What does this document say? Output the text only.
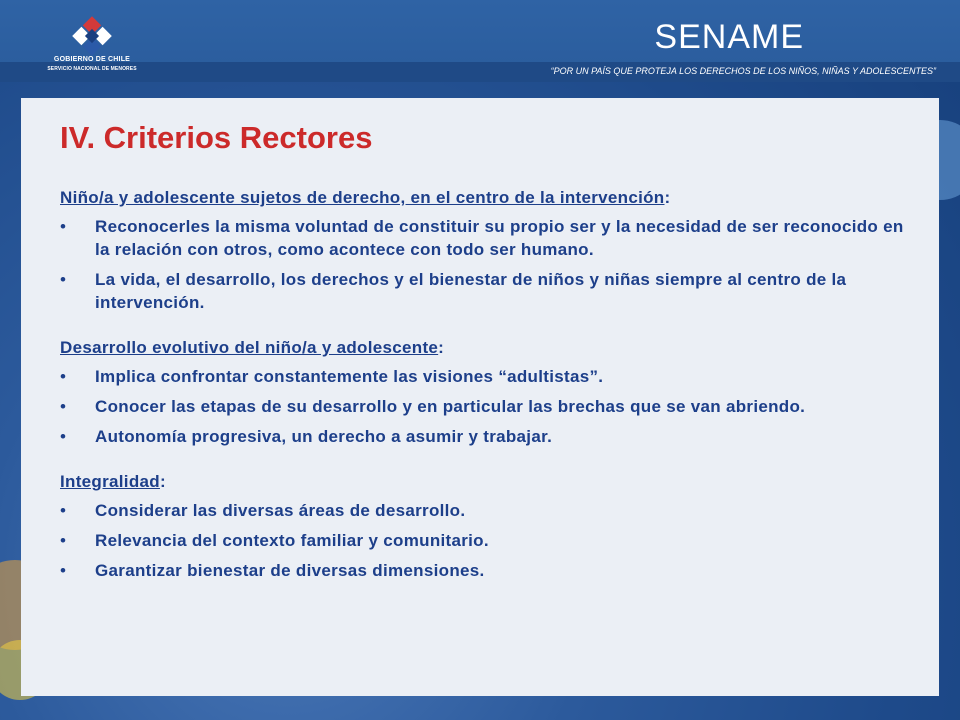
GOBIERNO DE CHILE
SERVICIO NACIONAL DE MENORES
SENAME
“POR UN PAÍS QUE PROTEJA LOS DERECHOS DE LOS NIÑOS, NIÑAS Y ADOLESCENTES”
IV. Criterios Rectores
Niño/a y adolescente sujetos de derecho, en el centro de la intervención:
• Reconocerles la misma voluntad de constituir su propio ser y la necesidad de ser reconocido en la relación con otros, como acontece con todo ser humano.
• La vida, el desarrollo, los derechos y el bienestar de niños y niñas siempre al centro de la intervención.
Desarrollo evolutivo del niño/a y adolescente:
• Implica confrontar constantemente las visiones “adultistas”.
• Conocer las etapas de su desarrollo y en particular las brechas que se van abriendo.
• Autonomía progresiva, un derecho a asumir y trabajar.
Integralidad:
• Considerar las diversas áreas de desarrollo.
• Relevancia del contexto familiar y comunitario.
• Garantizar bienestar de diversas dimensiones.
